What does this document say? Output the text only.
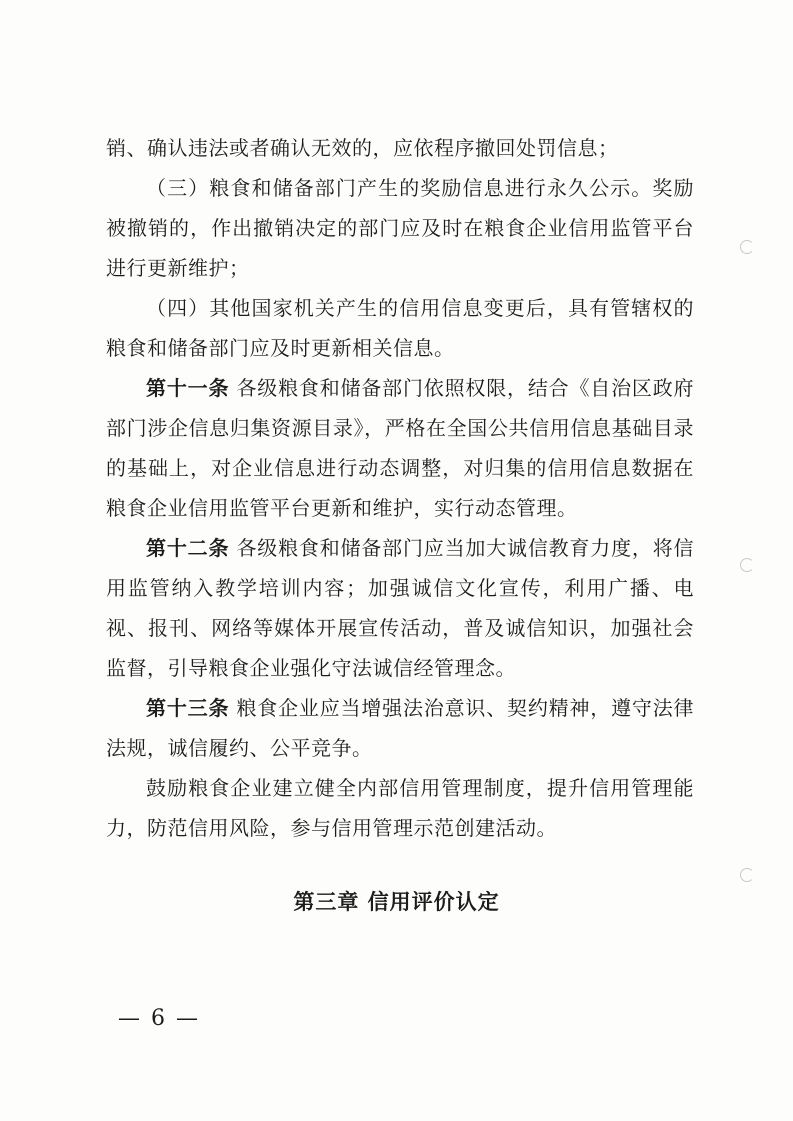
销、确认违法或者确认无效的，应依程序撤回处罚信息；

（三）粮食和储备部门产生的奖励信息进行永久公示。奖励被撤销的，作出撤销决定的部门应及时在粮食企业信用监管平台进行更新维护；

（四）其他国家机关产生的信用信息变更后，具有管辖权的粮食和储备部门应及时更新相关信息。

第十一条 各级粮食和储备部门依照权限，结合《自治区政府部门涉企信息归集资源目录》，严格在全国公共信用信息基础目录的基础上，对企业信息进行动态调整，对归集的信用信息数据在粮食企业信用监管平台更新和维护，实行动态管理。

第十二条 各级粮食和储备部门应当加大诚信教育力度，将信用监管纳入教学培训内容；加强诚信文化宣传，利用广播、电视、报刊、网络等媒体开展宣传活动，普及诚信知识，加强社会监督，引导粮食企业强化守法诚信经管理念。

第十三条 粮食企业应当增强法治意识、契约精神，遵守法律法规，诚信履约、公平竞争。

鼓励粮食企业建立健全内部信用管理制度，提升信用管理能力，防范信用风险，参与信用管理示范创建活动。

第三章 信用评价认定
— 6 —
